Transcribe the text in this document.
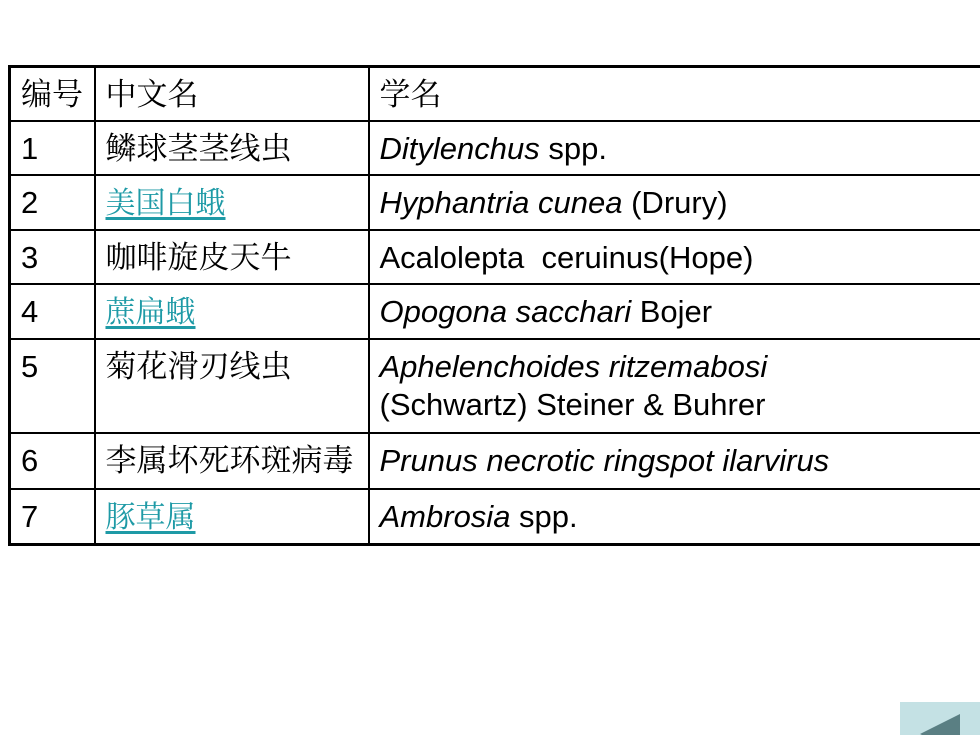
编号	中文名	学名
1	鳞球茎茎线虫	Ditylenchus spp.
2	美国白蛾	Hyphantria cunea (Drury)
3	咖啡旋皮天牛	Acalolepta  ceruinus(Hope)
4	蔗扁蛾	Opogona sacchari Bojer
5	菊花滑刃线虫	Aphelenchoides ritzemabosi
(Schwartz) Steiner & Buhrer
6	李属坏死环斑病毒	Prunus necrotic ringspot ilarvirus
7	豚草属	Ambrosia spp.
